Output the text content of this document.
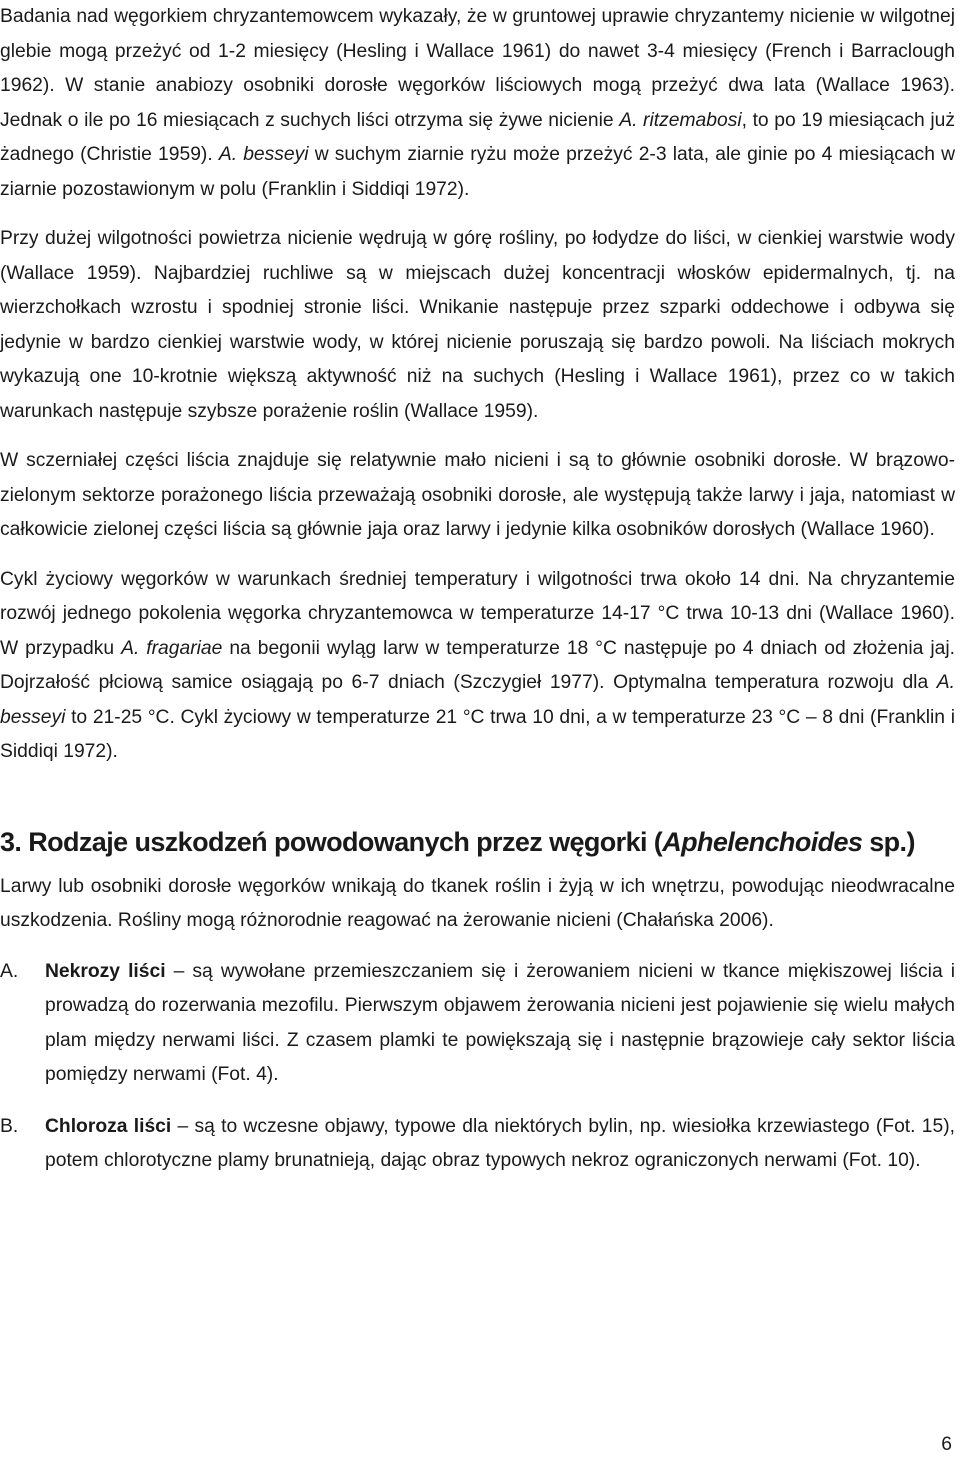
Badania nad węgorkiem chryzantemowcem wykazały, że w gruntowej uprawie chryzantemy nicienie w wilgotnej glebie mogą przeżyć od 1-2 miesięcy (Hesling i Wallace 1961) do nawet 3-4 miesięcy (French i Barraclough 1962). W stanie anabiozy osobniki dorosłe węgorków liściowych mogą przeżyć dwa lata (Wallace 1963). Jednak o ile po 16 miesiącach z suchych liści otrzyma się żywe nicienie A. ritzemabosi, to po 19 miesiącach już żadnego (Christie 1959). A. besseyi w suchym ziarnie ryżu może przeżyć 2-3 lata, ale ginie po 4 miesiącach w ziarnie pozostawionym w polu (Franklin i Siddiqi 1972).

Przy dużej wilgotności powietrza nicienie wędrują w górę rośliny, po łodydze do liści, w cienkiej warstwie wody (Wallace 1959). Najbardziej ruchliwe są w miejscach dużej koncentracji włosków epidermalnych, tj. na wierzchołkach wzrostu i spodniej stronie liści. Wnikanie następuje przez szparki oddechowe i odbywa się jedynie w bardzo cienkiej warstwie wody, w której nicienie poruszają się bardzo powoli. Na liściach mokrych wykazują one 10-krotnie większą aktywność niż na suchych (Hesling i Wallace 1961), przez co w takich warunkach następuje szybsze porażenie roślin (Wallace 1959).

W sczerniałej części liścia znajduje się relatywnie mało nicieni i są to głównie osobniki dorosłe. W brązowo-zielonym sektorze porażonego liścia przeważają osobniki dorosłe, ale występują także larwy i jaja, natomiast w całkowicie zielonej części liścia są głównie jaja oraz larwy i jedynie kilka osobników dorosłych (Wallace 1960).

Cykl życiowy węgorków w warunkach średniej temperatury i wilgotności trwa około 14 dni. Na chryzantemie rozwój jednego pokolenia węgorka chryzantemowca w temperaturze 14-17 °C trwa 10-13 dni (Wallace 1960). W przypadku A. fragariae na begonii wyląg larw w temperaturze 18 °C następuje po 4 dniach od złożenia jaj. Dojrzałość płciową samice osiągają po 6-7 dniach (Szczygieł 1977). Optymalna temperatura rozwoju dla A. besseyi to 21-25 °C. Cykl życiowy w temperaturze 21 °C trwa 10 dni, a w temperaturze 23 °C – 8 dni (Franklin i Siddiqi 1972).

3. Rodzaje uszkodzeń powodowanych przez węgorki (Aphelenchoides sp.)

Larwy lub osobniki dorosłe węgorków wnikają do tkanek roślin i żyją w ich wnętrzu, powodując nieodwracalne uszkodzenia. Rośliny mogą różnorodnie reagować na żerowanie nicieni (Chałańska 2006).

A.	Nekrozy liści – są wywołane przemieszczaniem się i żerowaniem nicieni w tkance miękiszowej liścia i prowadzą do rozerwania mezofilu. Pierwszym objawem żerowania nicieni jest pojawienie się wielu małych plam między nerwami liści. Z czasem plamki te powiększają się i następnie brązowieje cały sektor liścia pomiędzy nerwami (Fot. 4).
B.	Chloroza liści – są to wczesne objawy, typowe dla niektórych bylin, np. wiesiołka krzewiastego (Fot. 15), potem chlorotyczne plamy brunatnieją, dając obraz typowych nekroz ograniczonych nerwami (Fot. 10).
6
